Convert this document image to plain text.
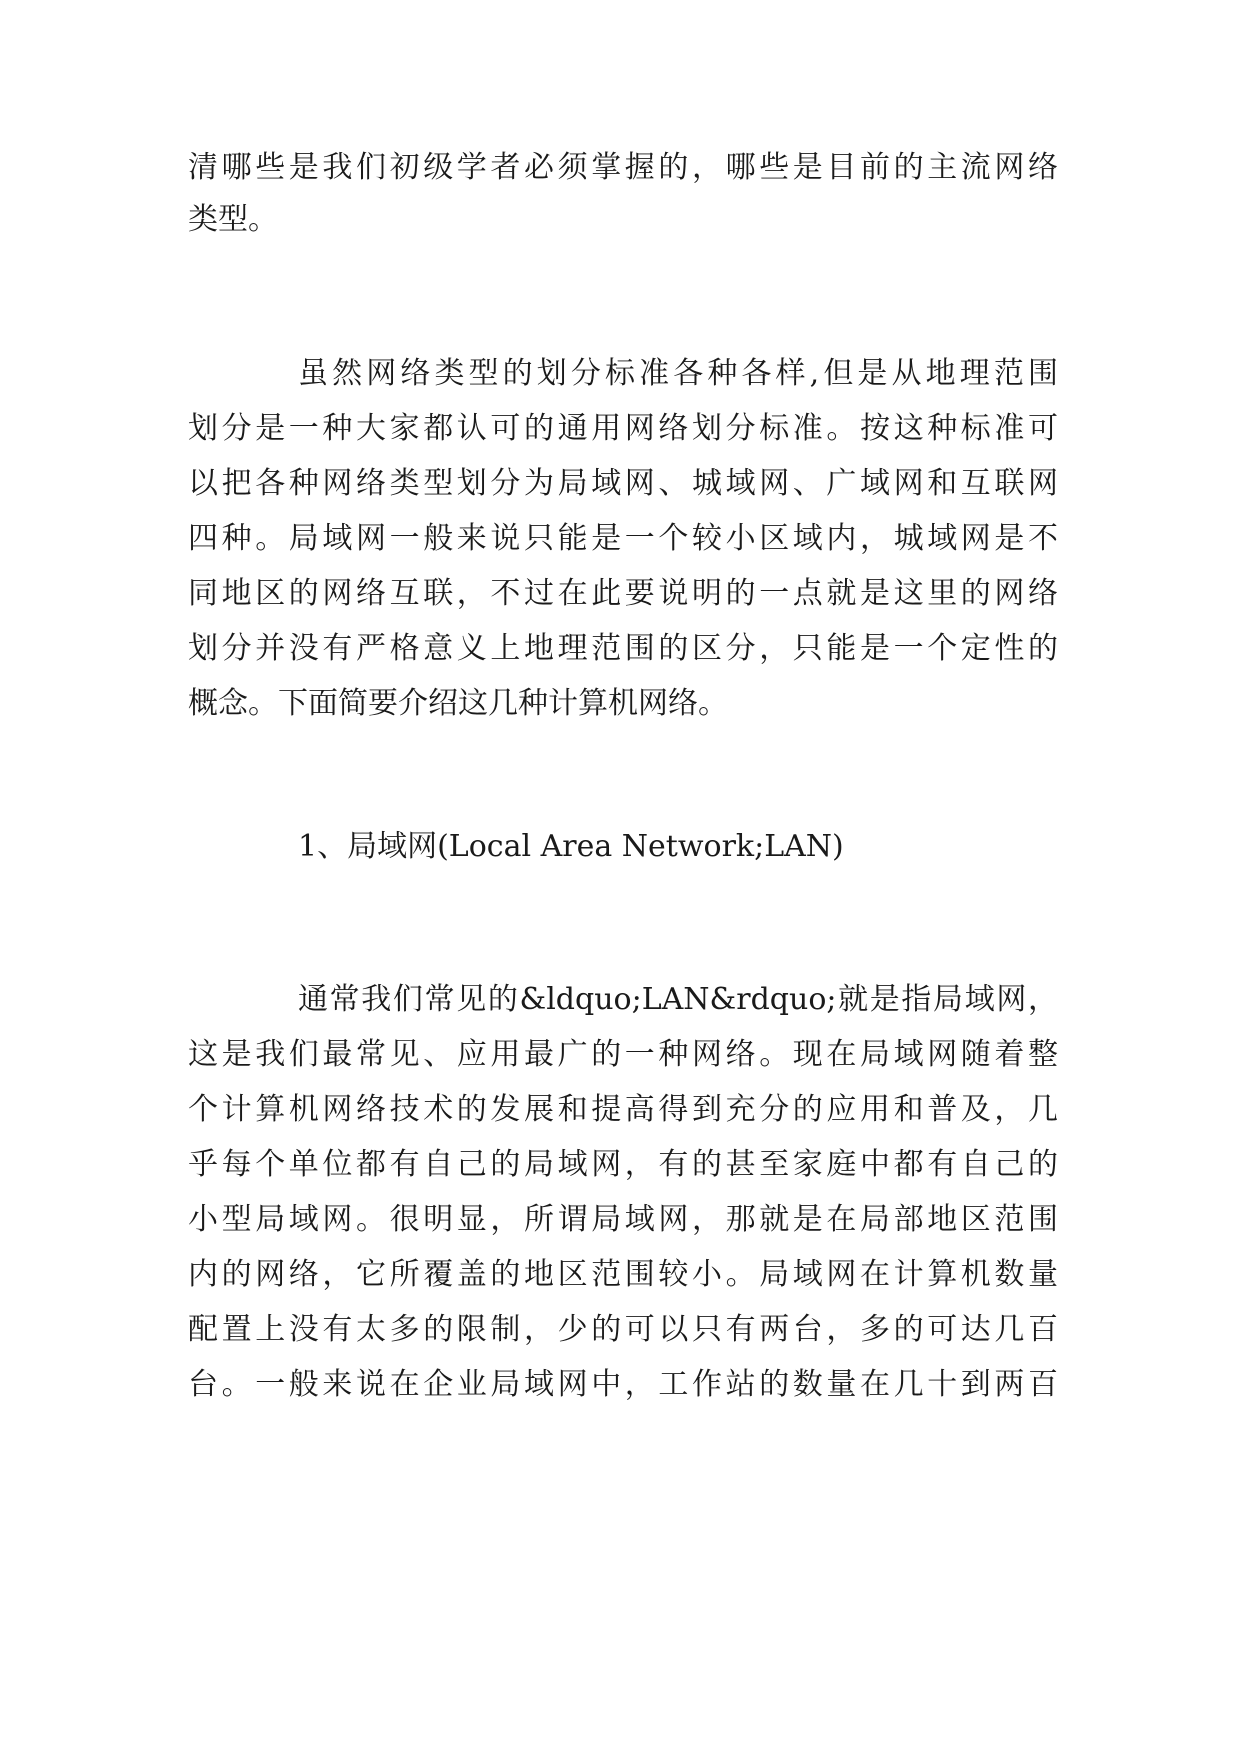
清哪些是我们初级学者必须掌握的，哪些是目前的主流网络
类型。
虽然网络类型的划分标准各种各样,但是从地理范围
划分是一种大家都认可的通用网络划分标准。按这种标准可
以把各种网络类型划分为局域网、城域网、广域网和互联网
四种。局域网一般来说只能是一个较小区域内，城域网是不
同地区的网络互联，不过在此要说明的一点就是这里的网络
划分并没有严格意义上地理范围的区分，只能是一个定性的
概念。下面简要介绍这几种计算机网络。
1、局域网(Local Area Network;LAN)
通常我们常见的&ldquo;LAN&rdquo;就是指局域网，
这是我们最常见、应用最广的一种网络。现在局域网随着整
个计算机网络技术的发展和提高得到充分的应用和普及，几
乎每个单位都有自己的局域网，有的甚至家庭中都有自己的
小型局域网。很明显，所谓局域网，那就是在局部地区范围
内的网络，它所覆盖的地区范围较小。局域网在计算机数量
配置上没有太多的限制，少的可以只有两台，多的可达几百
台。一般来说在企业局域网中，工作站的数量在几十到两百
